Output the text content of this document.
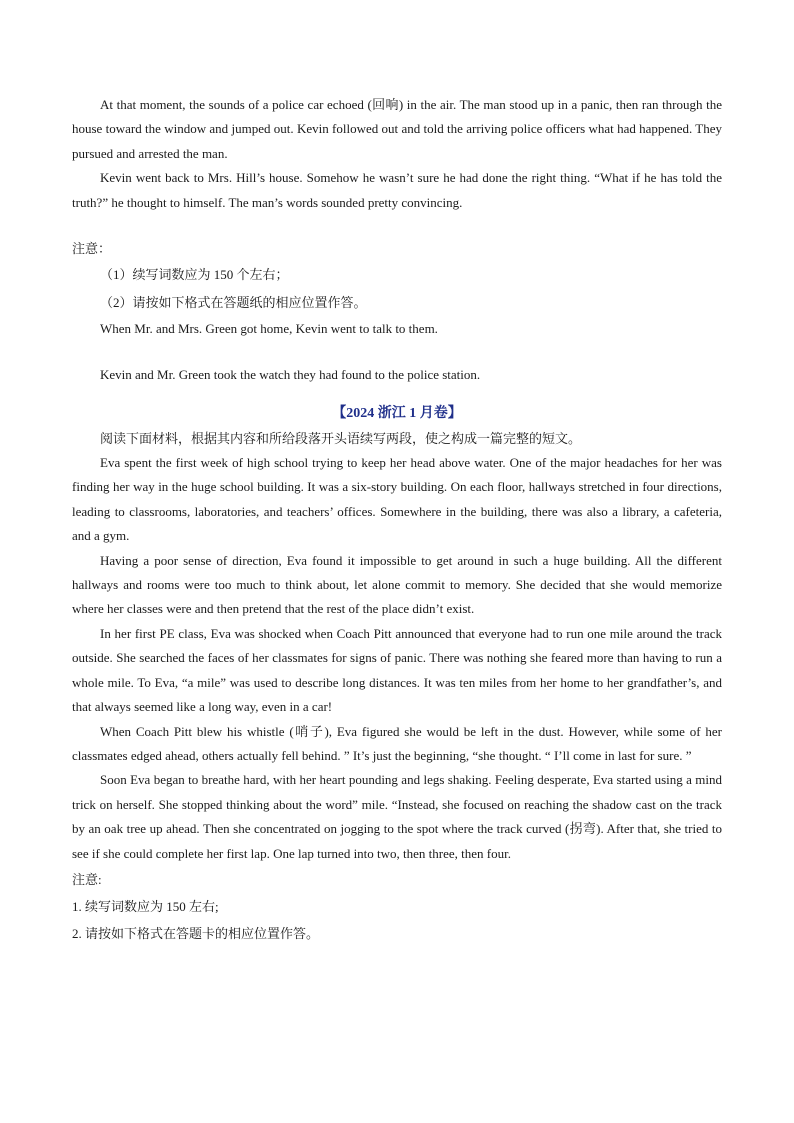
At that moment, the sounds of a police car echoed (回响) in the air. The man stood up in a panic, then ran through the house toward the window and jumped out. Kevin followed out and told the arriving police officers what had happened. They pursued and arrested the man.

Kevin went back to Mrs. Hill’s house. Somehow he wasn’t sure he had done the right thing. “What if he has told the truth?” he thought to himself. The man’s words sounded pretty convincing.

注意：

（1）续写词数应为 150 个左右；

（2）请按如下格式在答题纸的相应位置作答。

When Mr. and Mrs. Green got home, Kevin went to talk to them.

Kevin and Mr. Green took the watch they had found to the police station.

【2024 浙江 1 月卷】

阅读下面材料，根据其内容和所给段落开头语续写两段，使之构成一篇完整的短文。

Eva spent the first week of high school trying to keep her head above water. One of the major headaches for her was finding her way in the huge school building. It was a six-story building. On each floor, hallways stretched in four directions, leading to classrooms, laboratories, and teachers’ offices. Somewhere in the building, there was also a library, a cafeteria, and a gym.

Having a poor sense of direction, Eva found it impossible to get around in such a huge building. All the different hallways and rooms were too much to think about, let alone commit to memory. She decided that she would memorize where her classes were and then pretend that the rest of the place didn’t exist.

In her first PE class, Eva was shocked when Coach Pitt announced that everyone had to run one mile around the track outside. She searched the faces of her classmates for signs of panic. There was nothing she feared more than having to run a whole mile. To Eva, “a mile” was used to describe long distances. It was ten miles from her home to her grandfather’s, and that always seemed like a long way, even in a car!

When Coach Pitt blew his whistle (哨子), Eva figured she would be left in the dust. However, while some of her classmates edged ahead, others actually fell behind. ” It’s just the beginning, “she thought. “ I’ll come in last for sure. ”

Soon Eva began to breathe hard, with her heart pounding and legs shaking. Feeling desperate, Eva started using a mind trick on herself. She stopped thinking about the word” mile. “Instead, she focused on reaching the shadow cast on the track by an oak tree up ahead. Then she concentrated on jogging to the spot where the track curved (拐弯). After that, she tried to see if she could complete her first lap. One lap turned into two, then three, then four.

注意:

1. 续写词数应为 150 左右;

2. 请按如下格式在答题卡的相应位置作答。
